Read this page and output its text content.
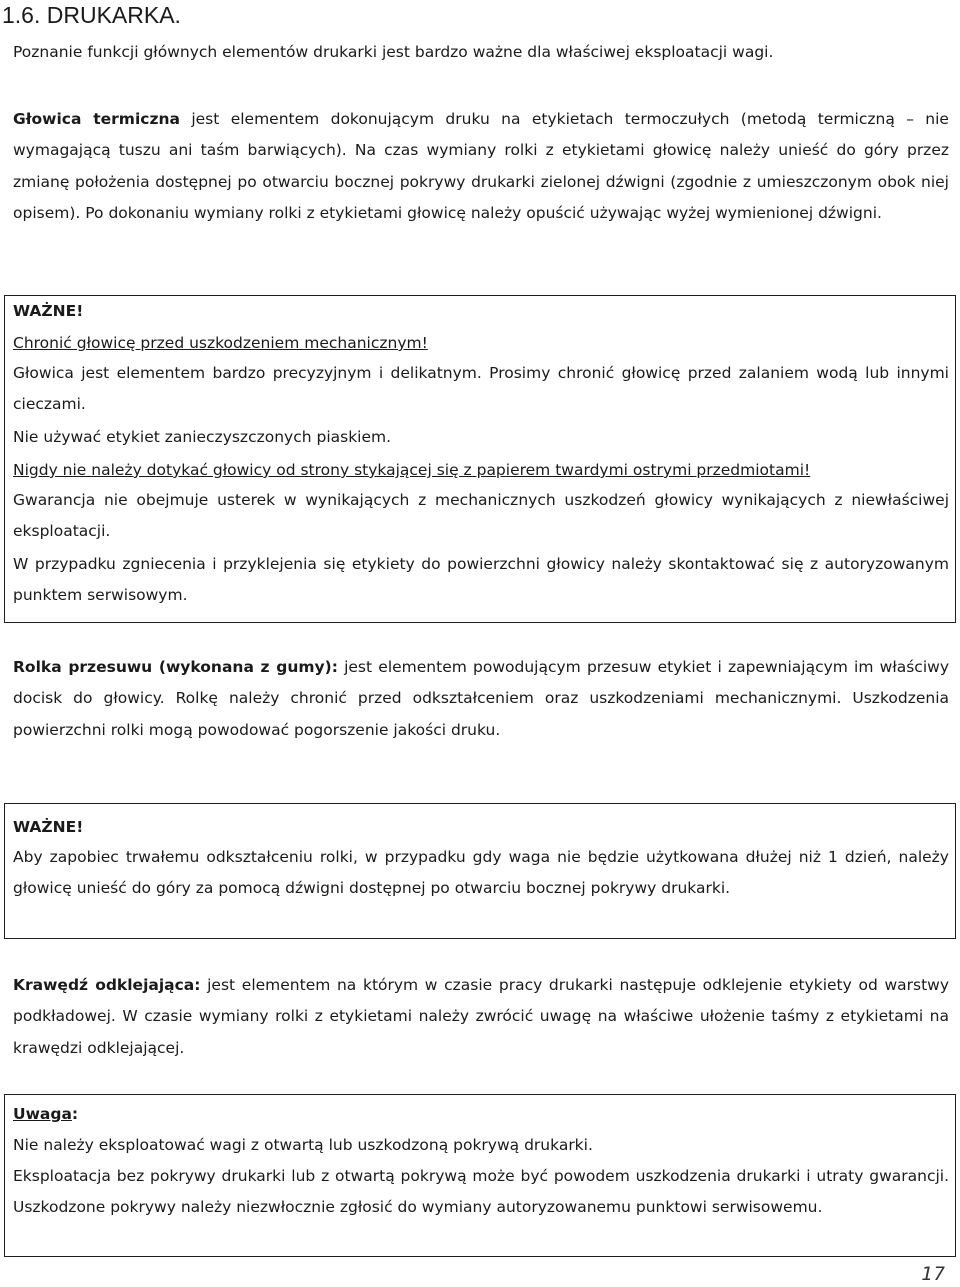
1.6. DRUKARKA.

Poznanie funkcji głównych elementów drukarki jest bardzo ważne dla właściwej eksploatacji wagi.

Głowica termiczna jest elementem dokonującym druku na etykietach termoczułych (metodą termiczną – nie wymagającą tuszu ani taśm barwiących). Na czas wymiany rolki z etykietami głowicę należy unieść do góry przez zmianę położenia dostępnej po otwarciu bocznej pokrywy drukarki zielonej dźwigni (zgodnie z umieszczonym obok niej opisem). Po dokonaniu wymiany rolki z etykietami głowicę należy opuścić używając wyżej wymienionej dźwigni.

WAŻNE!

Chronić głowicę przed uszkodzeniem mechanicznym!

Głowica jest elementem bardzo precyzyjnym i delikatnym. Prosimy chronić głowicę przed zalaniem wodą lub innymi cieczami.

Nie używać etykiet zanieczyszczonych piaskiem.

Nigdy nie należy dotykać głowicy od strony stykającej się z papierem twardymi ostrymi przedmiotami!

Gwarancja nie obejmuje usterek w wynikających z mechanicznych uszkodzeń głowicy wynikających z niewłaściwej eksploatacji.

W przypadku zgniecenia i przyklejenia się etykiety do powierzchni głowicy należy skontaktować się z autoryzowanym punktem serwisowym.

Rolka przesuwu (wykonana z gumy): jest elementem powodującym przesuw etykiet i zapewniającym im właściwy docisk do głowicy. Rolkę należy chronić przed odkształceniem oraz uszkodzeniami mechanicznymi. Uszkodzenia powierzchni rolki mogą powodować pogorszenie jakości druku.

WAŻNE!

Aby zapobiec trwałemu odkształceniu rolki, w przypadku gdy waga nie będzie użytkowana dłużej niż 1 dzień, należy głowicę unieść do góry za pomocą dźwigni dostępnej po otwarciu bocznej pokrywy drukarki.

Krawędź odklejająca: jest elementem na którym w czasie pracy drukarki następuje odklejenie etykiety od warstwy podkładowej. W czasie wymiany rolki z etykietami należy zwrócić uwagę na właściwe ułożenie taśmy z etykietami na krawędzi odklejającej.

Uwaga:

Nie należy eksploatować wagi z otwartą lub uszkodzoną pokrywą drukarki.

Eksploatacja bez pokrywy drukarki lub z otwartą pokrywą może być powodem uszkodzenia drukarki i utraty gwarancji. Uszkodzone pokrywy należy niezwłocznie zgłosić do wymiany autoryzowanemu punktowi serwisowemu.

17
